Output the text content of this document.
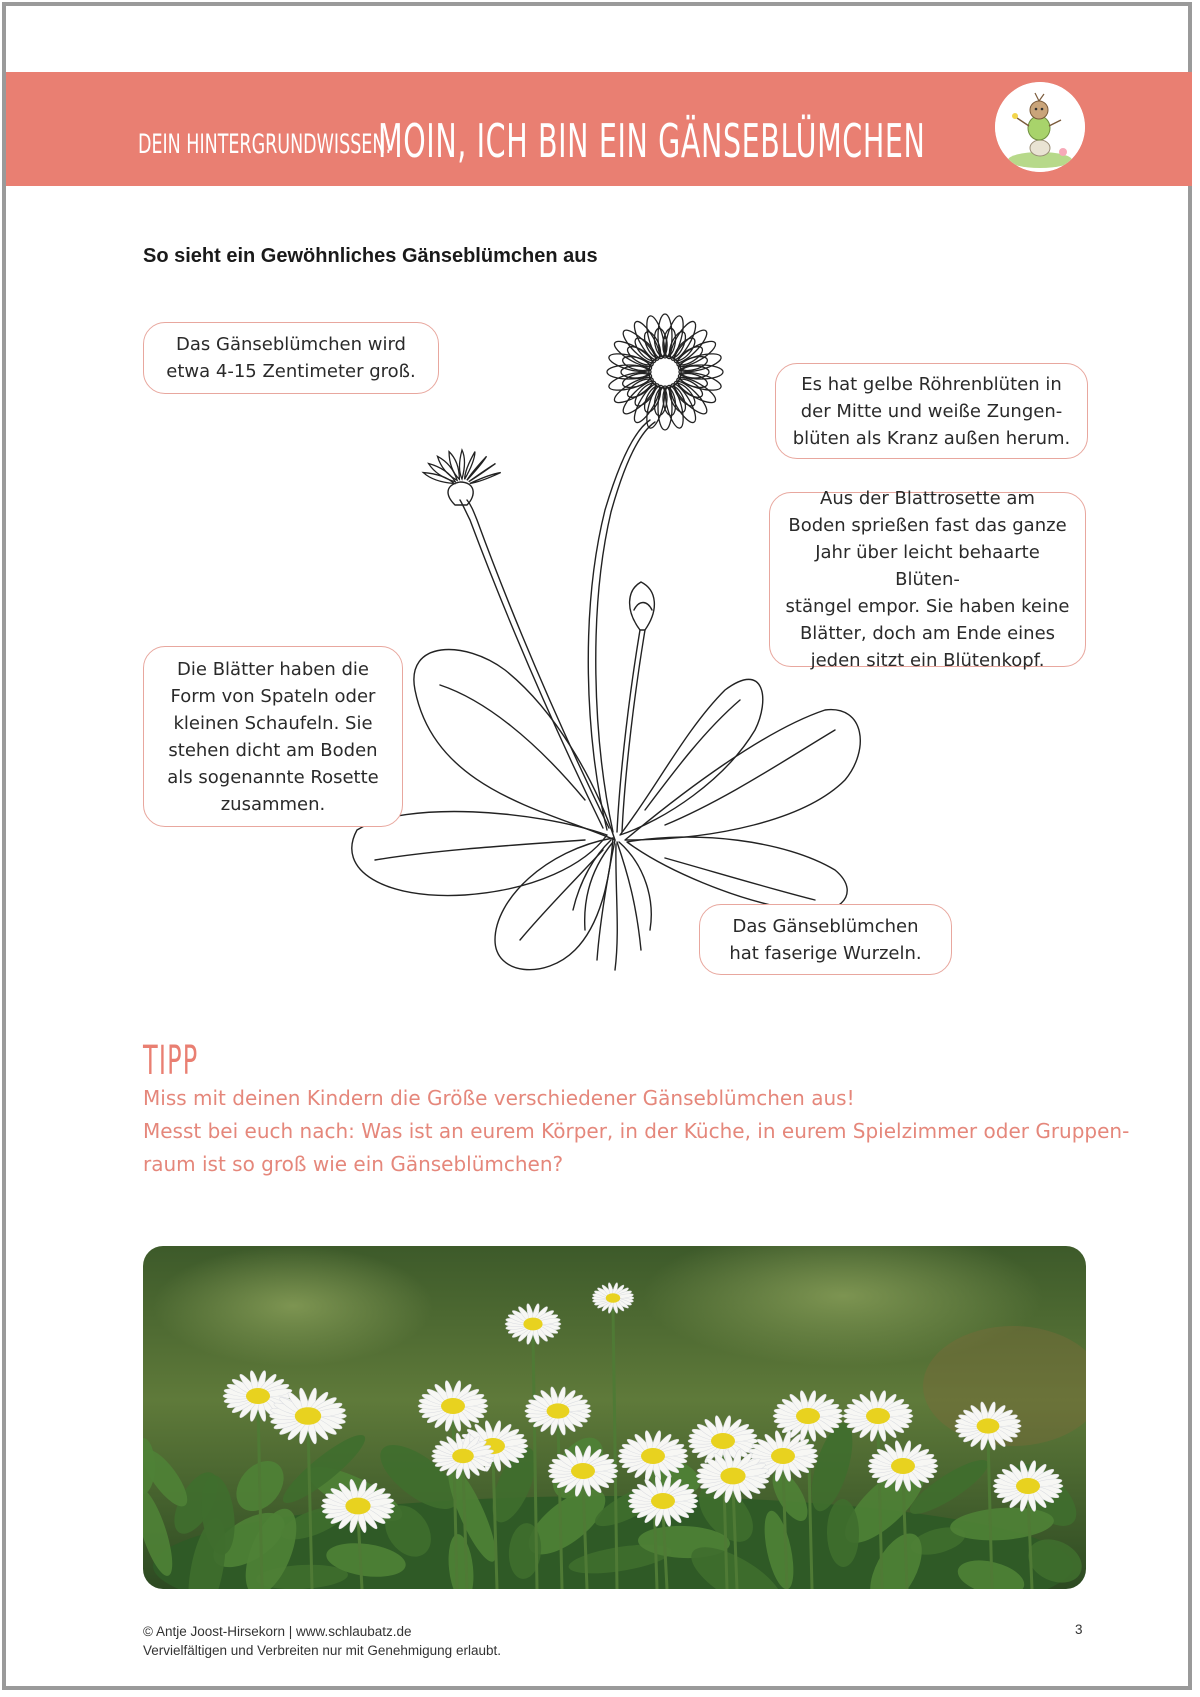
DEIN HINTERGRUNDWISSEN:
MOIN, ICH BIN EIN GÄNSEBLÜMCHEN
So sieht ein Gewöhnliches Gänseblümchen aus
Das Gänseblümchen wird
etwa 4-15 Zentimeter groß.
Es hat gelbe Röhrenblüten in
der Mitte und weiße Zungen-
blüten als Kranz außen herum.
Aus der Blattrosette am
Boden sprießen fast das ganze
Jahr über leicht behaarte Blüten-
stängel empor. Sie haben keine
Blätter, doch am Ende eines
jeden sitzt ein Blütenkopf.
Die Blätter haben die
Form von Spateln oder
kleinen Schaufeln. Sie
stehen dicht am Boden
als sogenannte Rosette
zusammen.
Das Gänseblümchen
hat faserige Wurzeln.
TIPP
Miss mit deinen Kindern die Größe verschiedener Gänseblümchen aus!
Messt bei euch nach: Was ist an eurem Körper, in der Küche, in eurem Spielzimmer oder Gruppen-
raum ist so groß wie ein Gänseblümchen?
© Antje Joost-Hirsekorn | www.schlaubatz.de
Vervielfältigen und Verbreiten nur mit Genehmigung erlaubt.
3
